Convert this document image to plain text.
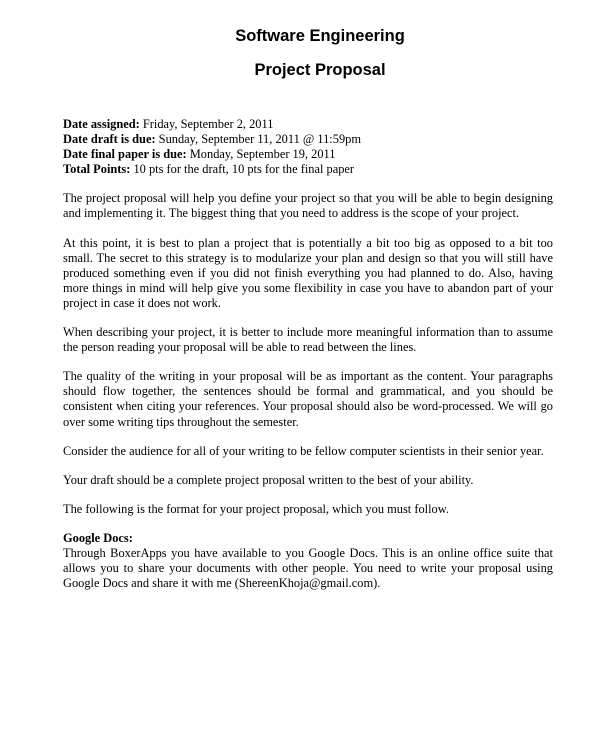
Software Engineering
Project Proposal

Date assigned: Friday, September 2, 2011

Date draft is due: Sunday, September 11, 2011 @ 11:59pm

Date final paper is due: Monday, September 19, 2011

Total Points: 10 pts for the draft, 10 pts for the final paper

The project proposal will help you define your project so that you will be able to begin designing and implementing it. The biggest thing that you need to address is the scope of your project.

At this point, it is best to plan a project that is potentially a bit too big as opposed to a bit too small. The secret to this strategy is to modularize your plan and design so that you will still have produced something even if you did not finish everything you had planned to do. Also, having more things in mind will help give you some flexibility in case you have to abandon part of your project in case it does not work.

When describing your project, it is better to include more meaningful information than to assume the person reading your proposal will be able to read between the lines.

The quality of the writing in your proposal will be as important as the content. Your paragraphs should flow together, the sentences should be formal and grammatical, and you should be consistent when citing your references. Your proposal should also be word-processed. We will go over some writing tips throughout the semester.

Consider the audience for all of your writing to be fellow computer scientists in their senior year.

Your draft should be a complete project proposal written to the best of your ability.

The following is the format for your project proposal, which you must follow.

Google Docs:

Through BoxerApps you have available to you Google Docs. This is an online office suite that allows you to share your documents with other people. You need to write your proposal using Google Docs and share it with me (ShereenKhoja@gmail.com).
